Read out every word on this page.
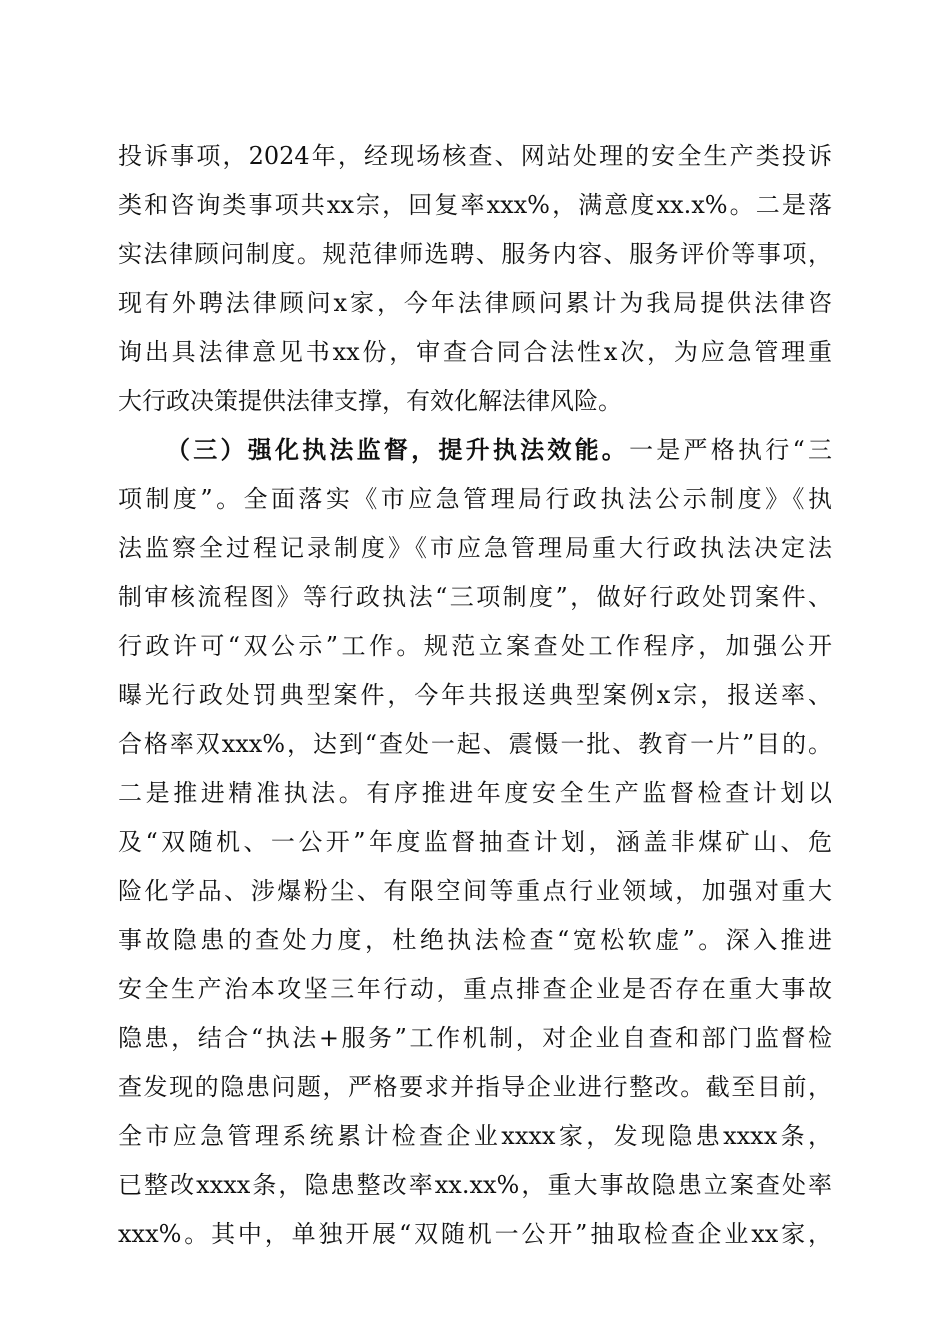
投诉事项，2024年，经现场核查、网站处理的安全生产类投诉
类和咨询类事项共xx宗，回复率xxx%，满意度xx.x%。二是落
实法律顾问制度。规范律师选聘、服务内容、服务评价等事项，
现有外聘法律顾问x家，今年法律顾问累计为我局提供法律咨
询出具法律意见书xx份，审查合同合法性x次，为应急管理重
大行政决策提供法律支撑，有效化解法律风险。
（三）强化执法监督，提升执法效能。一是严格执行“三
项制度”。全面落实《市应急管理局行政执法公示制度》《执
法监察全过程记录制度》《市应急管理局重大行政执法决定法
制审核流程图》等行政执法“三项制度”，做好行政处罚案件、
行政许可“双公示”工作。规范立案查处工作程序，加强公开
曝光行政处罚典型案件，今年共报送典型案例x宗，报送率、
合格率双xxx%，达到“查处一起、震慑一批、教育一片”目的。
二是推进精准执法。有序推进年度安全生产监督检查计划以
及“双随机、一公开”年度监督抽查计划，涵盖非煤矿山、危
险化学品、涉爆粉尘、有限空间等重点行业领域，加强对重大
事故隐患的查处力度，杜绝执法检查“宽松软虚”。深入推进
安全生产治本攻坚三年行动，重点排查企业是否存在重大事故
隐患，结合“执法+服务”工作机制，对企业自查和部门监督检
查发现的隐患问题，严格要求并指导企业进行整改。截至目前，
全市应急管理系统累计检查企业xxxx家，发现隐患xxxx条，
已整改xxxx条，隐患整改率xx.xx%，重大事故隐患立案查处率
xxx%。其中，单独开展“双随机一公开”抽取检查企业xx家，
